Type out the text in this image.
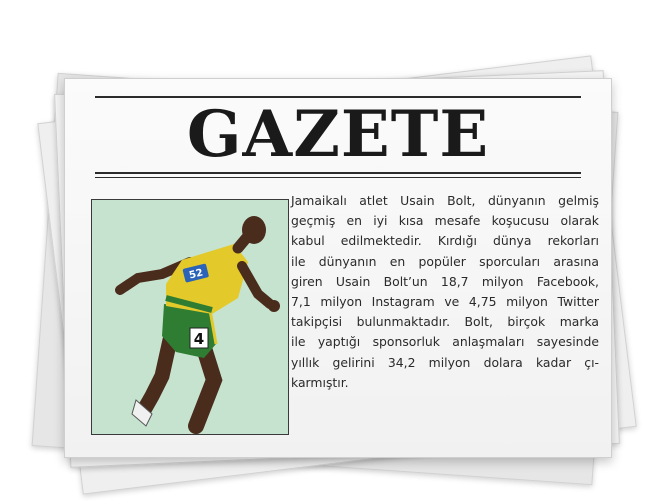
GAZETE
52
4
Jamaikalı atlet Usain Bolt, dünyanın gelmiş
geçmiş en iyi kısa mesafe koşucusu olarak
kabul edilmektedir. Kırdığı dünya rekorları
ile dünyanın en popüler sporcuları arasına
giren Usain Bolt’un 18,7 milyon Facebook,
7,1 milyon Instagram ve 4,75 milyon Twitter
takipçisi bulunmaktadır. Bolt, birçok marka
ile yaptığı sponsorluk anlaşmaları sayesinde
yıllık gelirini 34,2 milyon dolara kadar çı-
karmıştır.
